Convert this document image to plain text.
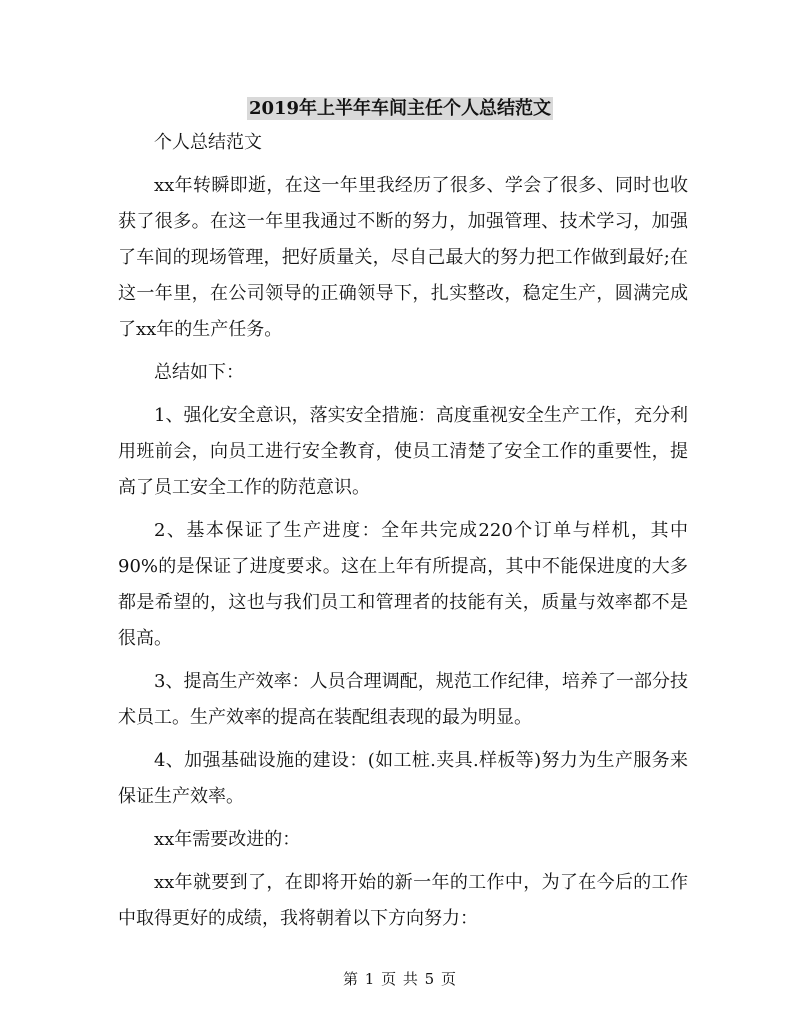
2019年上半年车间主任个人总结范文

个人总结范文

xx年转瞬即逝，在这一年里我经历了很多、学会了很多、同时也收获了很多。在这一年里我通过不断的努力，加强管理、技术学习，加强了车间的现场管理，把好质量关，尽自己最大的努力把工作做到最好;在这一年里，在公司领导的正确领导下，扎实整改，稳定生产，圆满完成了xx年的生产任务。

总结如下：

1、强化安全意识，落实安全措施：高度重视安全生产工作，充分利用班前会，向员工进行安全教育，使员工清楚了安全工作的重要性，提高了员工安全工作的防范意识。

2、基本保证了生产进度：全年共完成220个订单与样机，其中90%的是保证了进度要求。这在上年有所提高，其中不能保进度的大多都是希望的，这也与我们员工和管理者的技能有关，质量与效率都不是很高。

3、提高生产效率：人员合理调配，规范工作纪律，培养了一部分技术员工。生产效率的提高在装配组表现的最为明显。

4、加强基础设施的建设：(如工桩.夹具.样板等)努力为生产服务来保证生产效率。

xx年需要改进的：

xx年就要到了，在即将开始的新一年的工作中，为了在今后的工作中取得更好的成绩，我将朝着以下方向努力：

第 1 页 共 5 页
